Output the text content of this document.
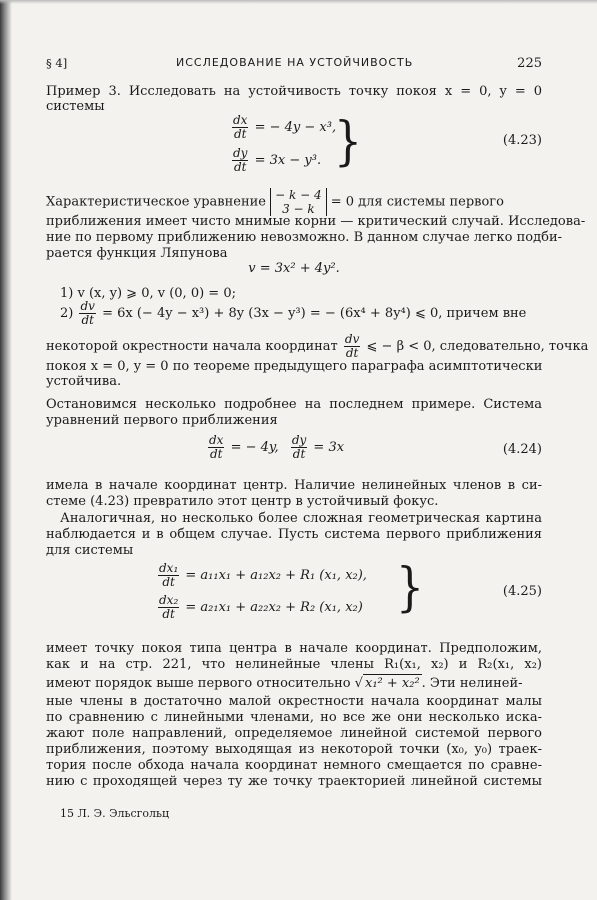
§ 4]	ИССЛЕДОВАНИЕ НА УСТОЙЧИВОСТЬ	225
Пример 3. Исследовать на устойчивость точку покоя x = 0, y = 0
системы
$\frac{dx}{dt}$ = − 4y − x³,
$\frac{dy}{dt} = 3x - y^3$. }	(4.23)
Характеристическое уравнение − k − 4
3 − k	= 0 для системы первого
приближения имеет чисто мнимые корни — критический случай. Исследова-
ние по первому приближению невозможно. В данном случае легко подби-
рается функция Ляпунова
v = 3x² + 4y².
1) v (x, y) ⩾ 0, v (0, 0) = 0;
$2) \frac{dv}{dt} = 6x$ (− 4y − x³) + 8y (3x − y³) = − (6x⁴ + 8y⁴) ⩽ 0, причем вне
некоторой окрестности начала координат $\frac{dv}{dt}$ ⩽ − β < 0, следовательно, точка
покоя x = 0, y = 0 по теореме предыдущего параграфа асимптотически
устойчива.
Остановимся несколько подробнее на последнем примере. Система
уравнений первого приближения
$\frac{dx}{dt}$ = − 4y, $\frac{dy}{dt} = 3x$	(4.24)
имела в начале координат центр. Наличие нелинейных членов в си-
стеме (4.23) превратило этот центр в устойчивый фокус.
Аналогичная, но несколько более сложная геометрическая картина
наблюдается и в общем случае. Пусть система первого приближения
для системы
$\frac{\text{dx₁}}{dt} = a_{11}x_1 + a_{12}x_2 + R_1$ (x₁, x₂),
$\frac{\text{dx₂}}{dt} = a_{21}x_1 + a_{22}x_2 + R_2$ (x₁, x₂) }	(4.25)
имеет точку покоя типа центра в начале координат. Предположим,
как и на стр. 221, что нелинейные члены R₁(x₁, x₂) и R₂(x₁, x₂)
имеют порядок выше первого относительно √ x₁² + x₂² . Эти нелиней-
ные члены в достаточно малой окрестности начала координат малы
по сравнению с линейными членами, но все же они несколько иска-
жают поле направлений, определяемое линейной системой первого
приближения, поэтому выходящая из некоторой точки (x₀, y₀) траек-
тория после обхода начала координат немного смещается по сравне-
нию с проходящей через ту же точку траекторией линейной системы
15 Л. Э. Эльсгольц
